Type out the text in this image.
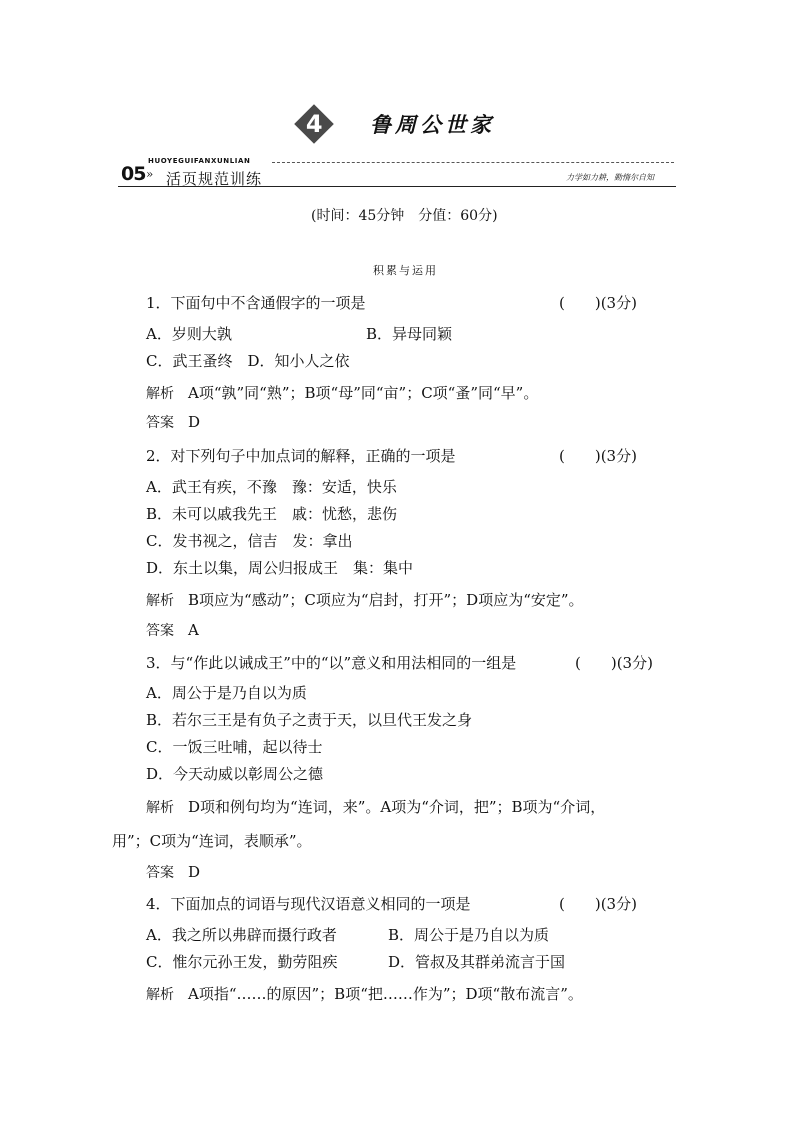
4 鲁周公世家
05 »
HUOYEGUIFANXUNLIAN
活页规范训练	力学如力耕，勤惰尔自知
(时间：45分钟　分值：60分)
积累与运用
1．下面句中不含通假字的一项是	(　　)(3分)
A．岁则大孰	B．异母同颖
C．武王蚤终　D．知小人之依
解析 A项“孰”同“熟”；B项“母”同“亩”；C项“蚤”同“早”。
答案 D
2．对下列句子中加点词的解释，正确的一项是	(　　)(3分)
A．武王有疾，不豫　豫：安适，快乐
B．未可以戚我先王　戚：忧愁，悲伤
C．发书视之，信吉　发：拿出
D．东土以集，周公归报成王　集：集中
解析 B项应为“感动”；C项应为“启封，打开”；D项应为“安定”。
答案 A
3．与“作此以诫成王”中的“以”意义和用法相同的一组是	(　　)(3分)
A．周公于是乃自以为质
B．若尔三王是有负子之责于天，以旦代王发之身
C．一饭三吐哺，起以待士
D．今天动威以彰周公之德
解析 D项和例句均为“连词，来”。A项为“介词，把”；B项为“介词，
用”；C项为“连词，表顺承”。
答案 D
4．下面加点的词语与现代汉语意义相同的一项是	(　　)(3分)
A．我之所以弗辟而摄行政者	B．周公于是乃自以为质
C．惟尔元孙王发，勤劳阻疾	D．管叔及其群弟流言于国
解析 A项指“……的原因”；B项“把……作为”；D项“散布流言”。
